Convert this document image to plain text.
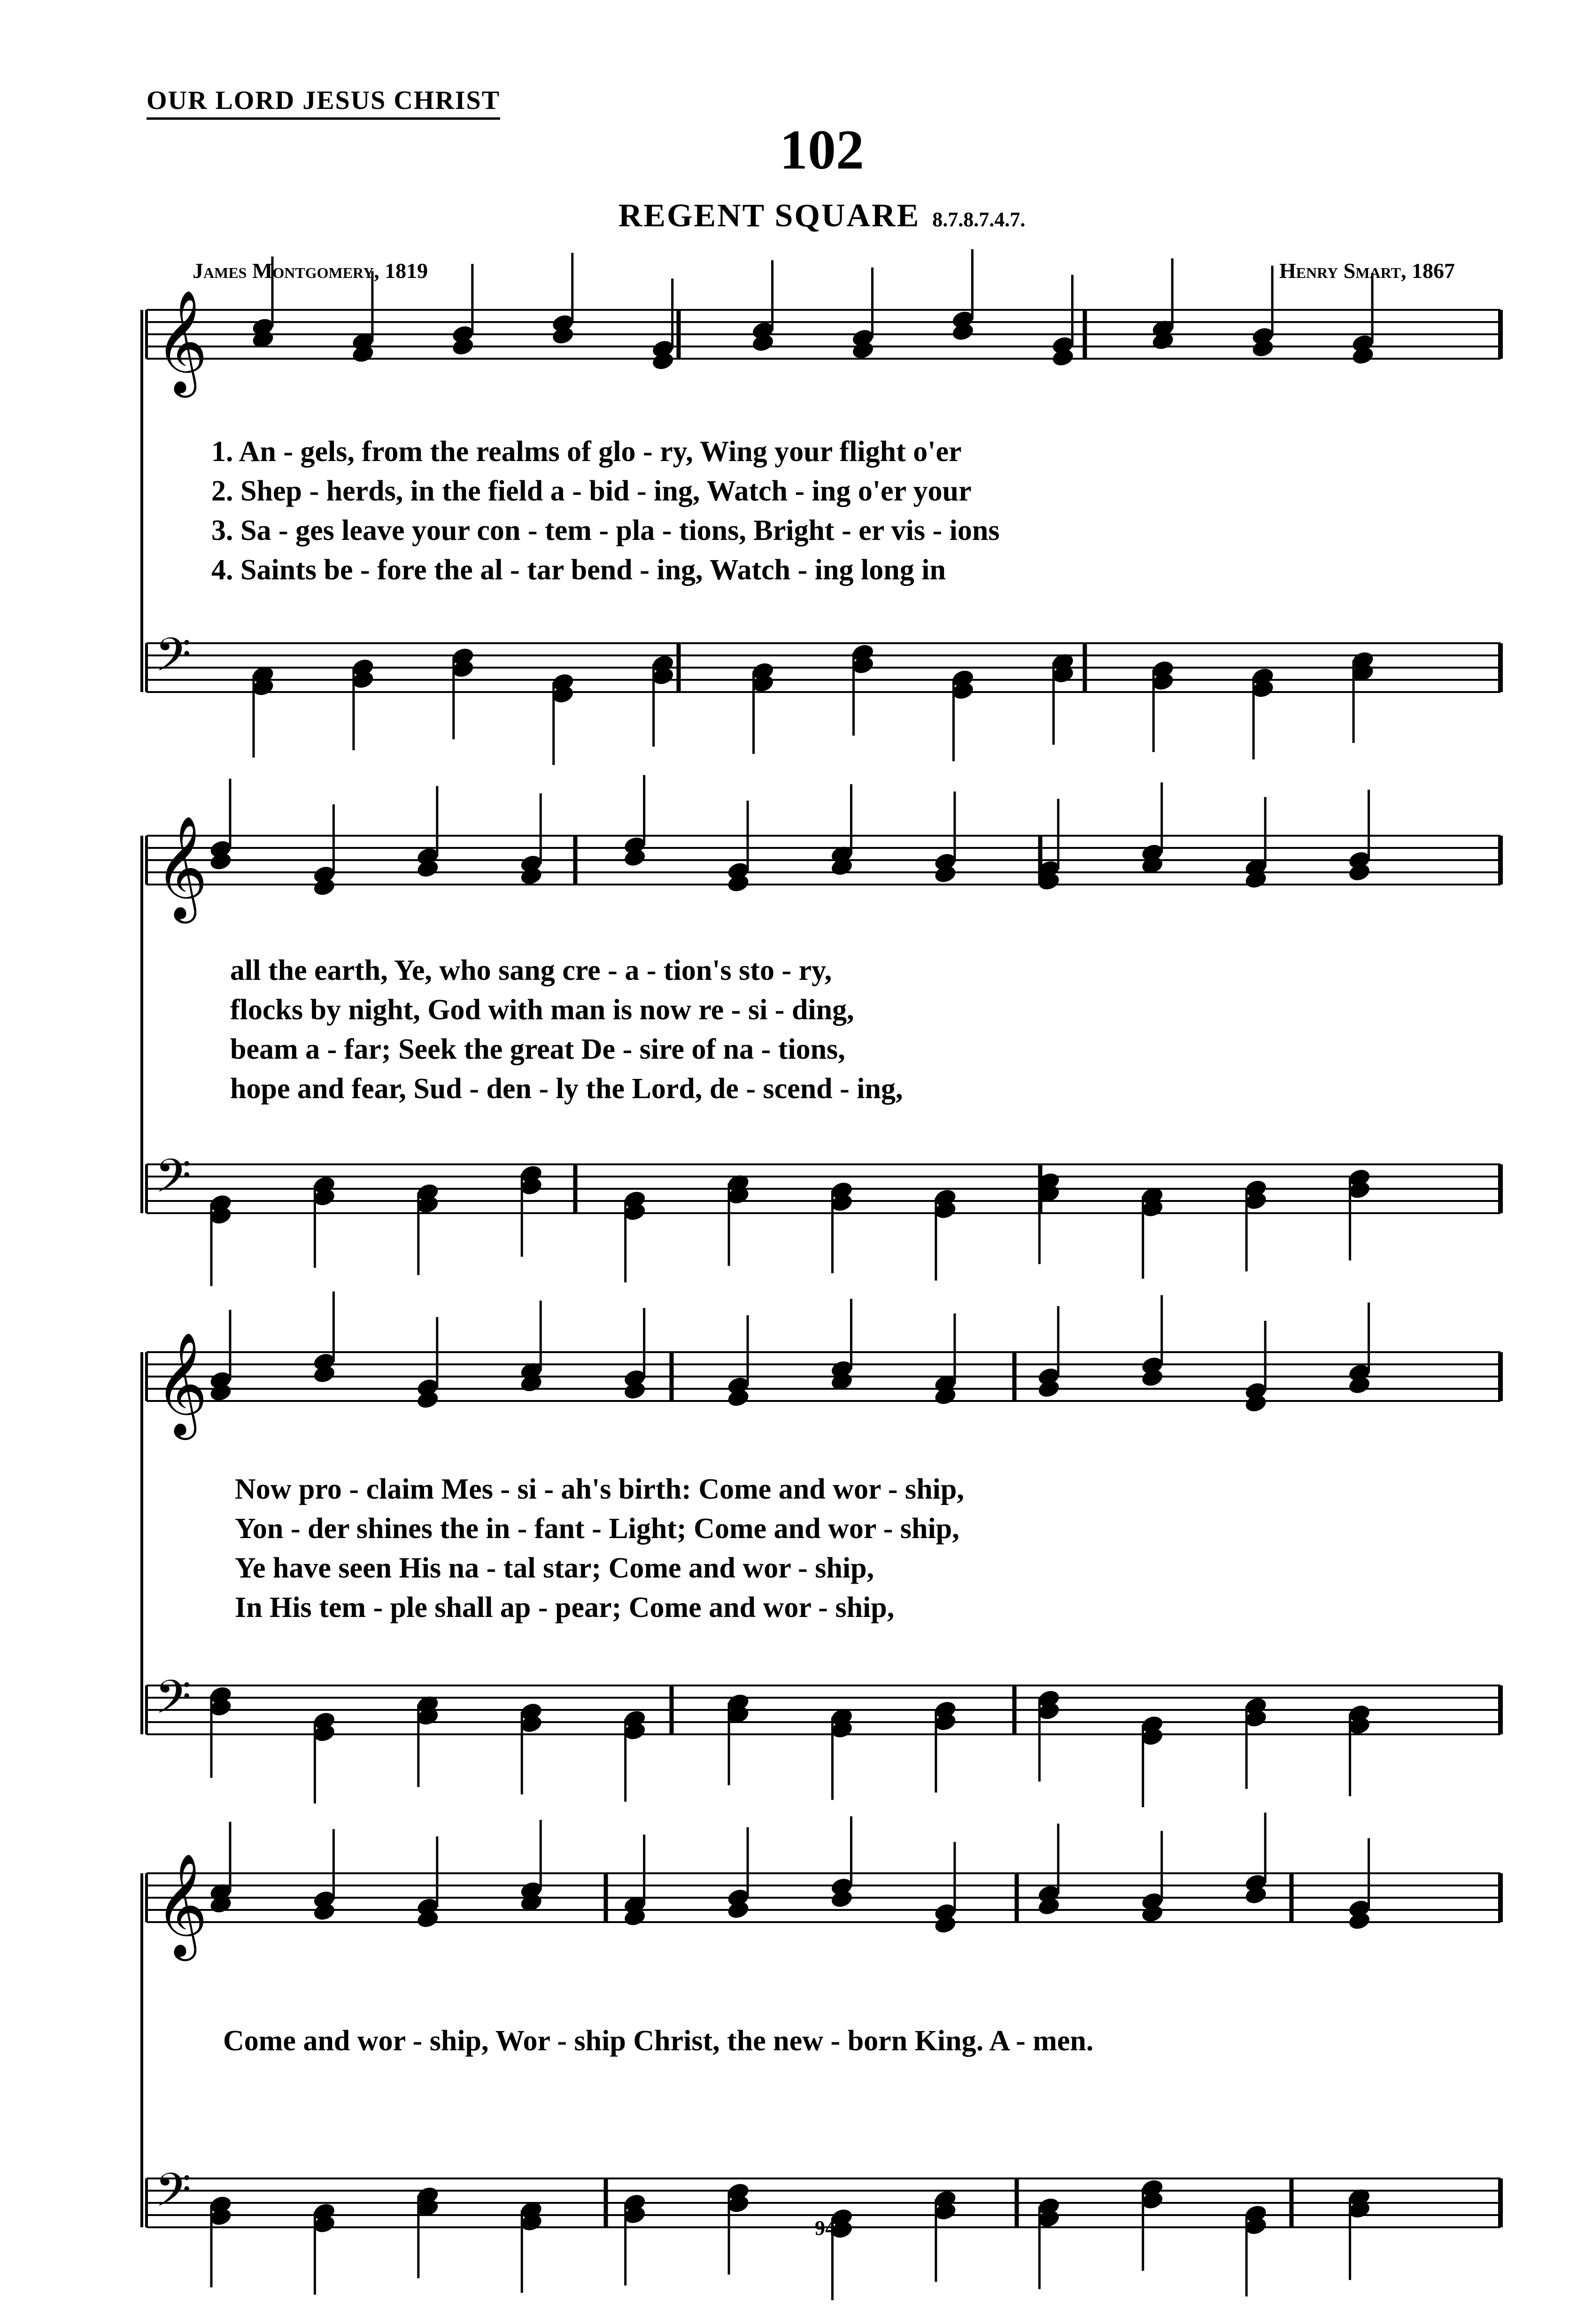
OUR LORD JESUS CHRIST
102
REGENT SQUARE 8.7.8.7.4.7.
James Montgomery, 1819	Henry Smart, 1867
𝄞
𝄢
𝄞
𝄢
𝄞
𝄢
𝄞
𝄢
1. An - gels, from the realms of glo - ry, Wing your flight o'er
2. Shep - herds, in the field a - bid - ing, Watch - ing o'er your
3. Sa - ges leave your con - tem - pla - tions, Bright - er vis - ions
4. Saints be - fore the al - tar bend - ing, Watch - ing long in
all the earth, Ye, who sang cre - a - tion's sto - ry,
flocks by night, God with man is now re - si - ding,
beam a - far; Seek the great De - sire of na - tions,
hope and fear, Sud - den - ly the Lord, de - scend - ing,
Now pro - claim Mes - si - ah's birth: Come and wor - ship,
Yon - der shines the in - fant - Light; Come and wor - ship,
Ye have seen His na - tal star; Come and wor - ship,
In His tem - ple shall ap - pear; Come and wor - ship,
Come and wor - ship, Wor - ship Christ, the new - born King. A - men.
94
